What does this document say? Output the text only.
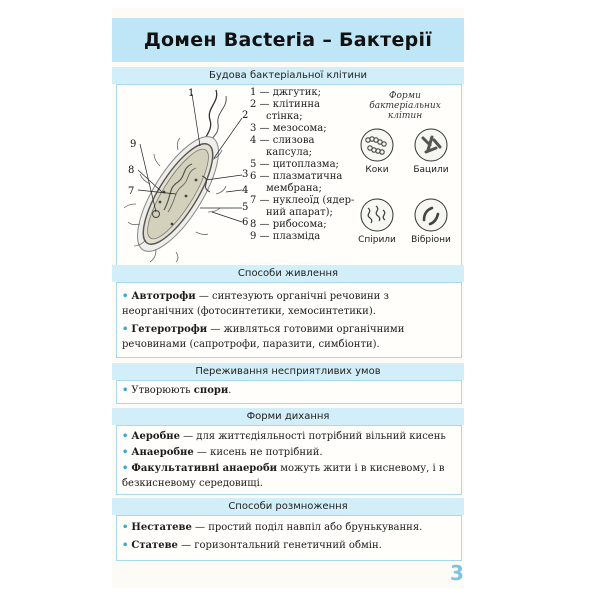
Домен Bacteria – Бактерії
Будова бактеріальної клітини
1
2
3
4
5
6
7
8
9
1 — джгутик;
2 — клітинна
стінка;
3 — мезосома;
4 — слизова
капсула;
5 — цитоплазма;
6 — плазматична
мембрана;
7 — нуклеоїд (ядер-
ний апарат);
8 — рибосома;
9 — плазміда
Форми бактеріальних клітин
Коки	Бацили
Спірили	Вібріони
Способи живлення
• Автотрофи — синтезують органічні речовини з неорганічних (фотосинтетики, хемосинтетики).
• Гетеротрофи — живляться готовими органічними речовинами (сапротрофи, паразити, симбіонти).
Переживання несприятливих умов
• Утворюють спори.
Форми дихання
• Аеробне — для життєдіяльності потрібний вільний кисень
• Анаеробне — кисень не потрібний.
• Факультативні анаероби можуть жити і в кисневому, і в безкисневому середовищі.
Способи розмноження
• Нестатеве — простий поділ навпіл або брунькування.
• Статеве — горизонтальний генетичний обмін.
3
